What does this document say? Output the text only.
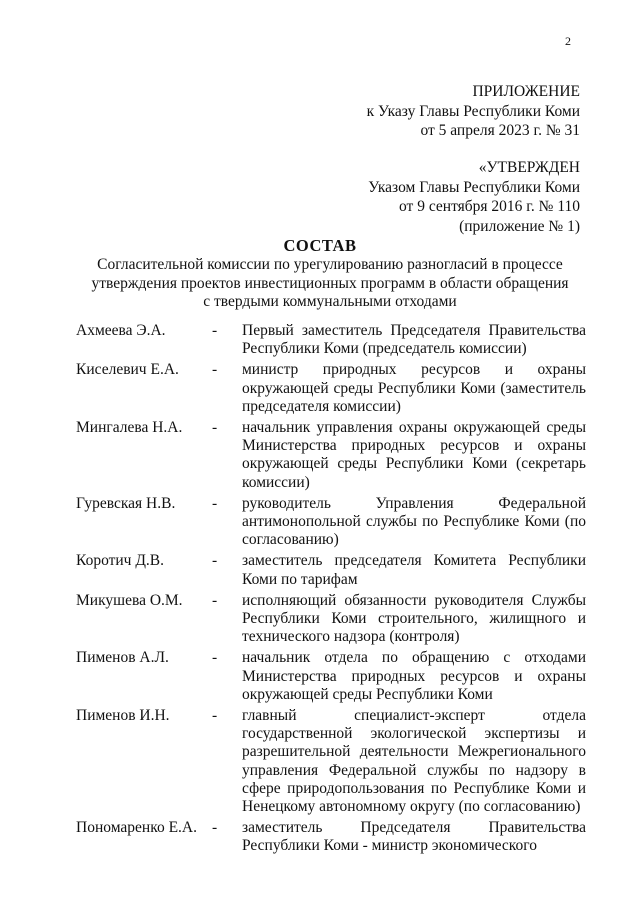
2
ПРИЛОЖЕНИЕ
к Указу Главы Республики Коми
от 5 апреля 2023 г. № 31
«УТВЕРЖДЕН
Указом Главы Республики Коми
от 9 сентября 2016 г. № 110
(приложение № 1)
СОСТАВ
Согласительной комиссии по урегулированию разногласий в процессе
утверждения проектов инвестиционных программ в области обращения
с твердыми коммунальными отходами
Ахмеева Э.А.	-	Первый заместитель Председателя Правительства Республики Коми (председатель комиссии)
Киселевич Е.А.	-	министр природных ресурсов и охраны окружающей среды Республики Коми (заместитель председателя комиссии)
Мингалева Н.А.	-	начальник управления охраны окружающей среды Министерства природных ресурсов и охраны окружающей среды Республики Коми (секретарь комиссии)
Гуревская Н.В.	-	руководитель Управления Федеральной антимонопольной службы по Республике Коми (по согласованию)
Коротич Д.В.	-	заместитель председателя Комитета Республики Коми по тарифам
Микушева О.М.	-	исполняющий обязанности руководителя Службы Республики Коми строительного, жилищного и технического надзора (контроля)
Пименов А.Л.	-	начальник отдела по обращению с отходами Министерства природных ресурсов и охраны окружающей среды Республики Коми
Пименов И.Н.	-	главный специалист-эксперт отдела государственной экологической экспертизы и разрешительной деятельности Межрегионального управления Федеральной службы по надзору в сфере природопользования по Республике Коми и Ненецкому автономному округу (по согласованию)
Пономаренко Е.А. -	заместитель Председателя Правительства Республики Коми - министр экономического
